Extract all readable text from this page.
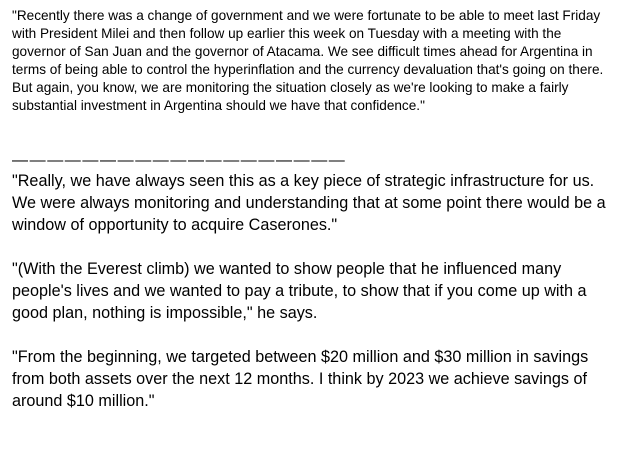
"Recently there was a change of government and we were fortunate to be able to meet last Friday with President Milei and then follow up earlier this week on Tuesday with a meeting with the governor of San Juan and the governor of Atacama. We see difficult times ahead for Argentina in terms of being able to control the hyperinflation and the currency devaluation that's going on there. But again, you know, we are monitoring the situation closely as we're looking to make a fairly substantial investment in Argentina should we have that confidence."

———————————————————

"Really, we have always seen this as a key piece of strategic infrastructure for us. We were always monitoring and understanding that at some point there would be a window of opportunity to acquire Caserones."

"(With the Everest climb) we wanted to show people that he influenced many people's lives and we wanted to pay a tribute, to show that if you come up with a good plan, nothing is impossible," he says.

"From the beginning, we targeted between $20 million and $30 million in savings from both assets over the next 12 months. I think by 2023 we achieve savings of around $10 million."
